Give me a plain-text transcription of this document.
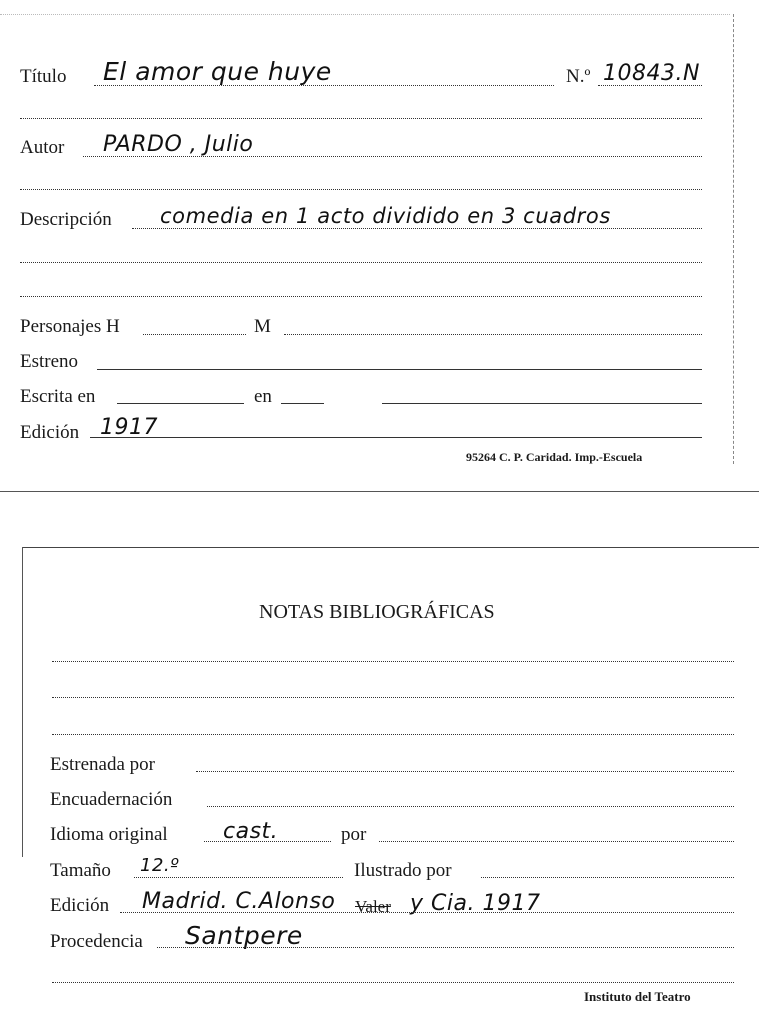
Título El amor que huye	N.º 10843.N
Autor PARDO , Julio
Descripción comedia en 1 acto dividido en 3 cuadros
Personajes H	M
Estreno
Escrita en	en
Edición 1917
95264 C. P. Caridad. Imp.-Escuela
NOTAS BIBLIOGRÁFICAS
Estrenada por
Encuadernación
Idioma original	cast.	por
Tamaño 12.º	Ilustrado por
Edición Madrid. C.Alonso Valer y Cia. 1917
Procedencia Santpere
Instituto del Teatro
